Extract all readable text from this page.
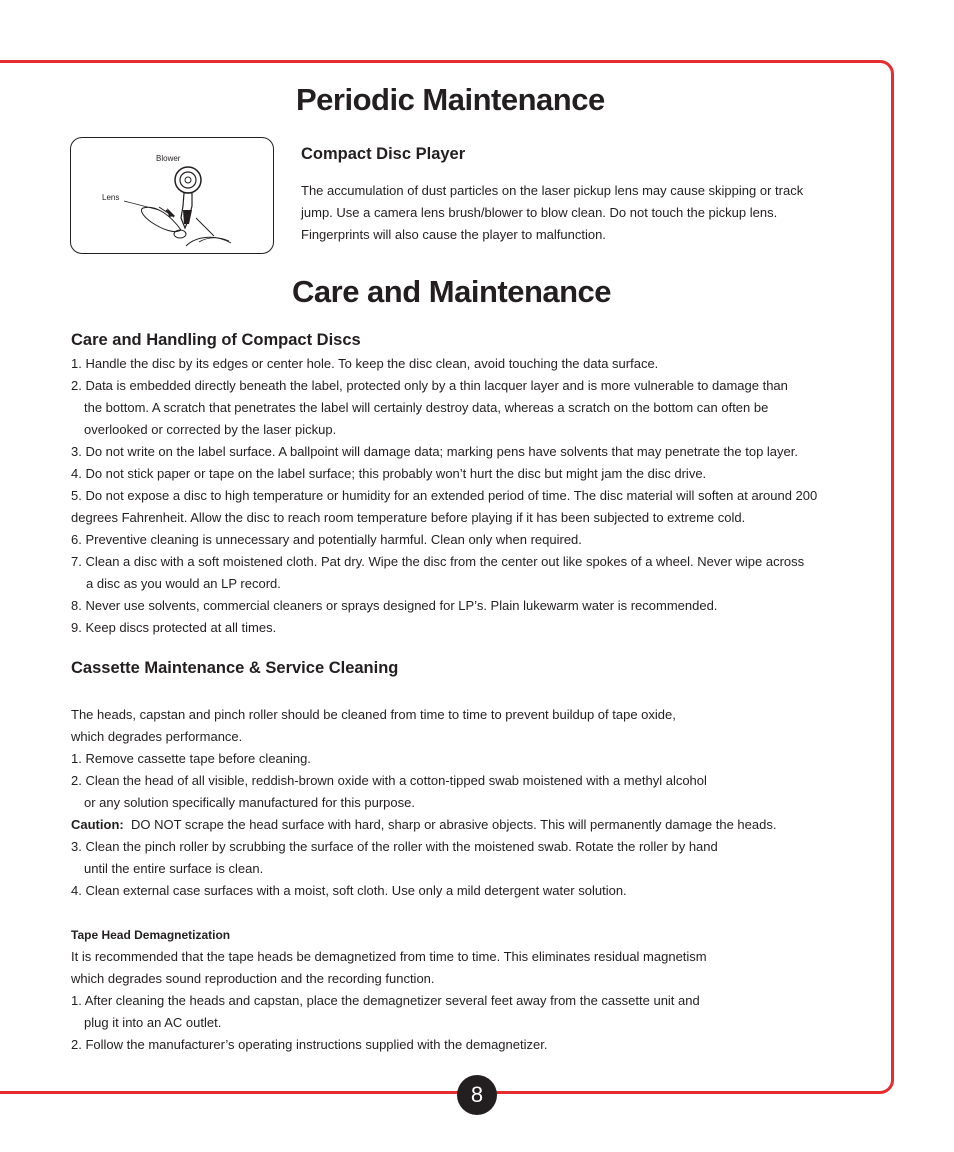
Periodic Maintenance
Blower
Lens
Compact Disc Player
The accumulation of dust particles on the laser pickup lens may cause skipping or track
jump. Use a camera lens brush/blower to blow clean. Do not touch the pickup lens.
Fingerprints will also cause the player to malfunction.
Care and Maintenance
Care and Handling of Compact Discs
1. Handle the disc by its edges or center hole. To keep the disc clean, avoid touching the data surface.
2. Data is embedded directly beneath the label, protected only by a thin lacquer layer and is more vulnerable to damage than
the bottom. A scratch that penetrates the label will certainly destroy data, whereas a scratch on the bottom can often be
overlooked or corrected by the laser pickup.
3. Do not write on the label surface. A ballpoint will damage data; marking pens have solvents that may penetrate the top layer.
4. Do not stick paper or tape on the label surface; this probably won’t hurt the disc but might jam the disc drive.
5. Do not expose a disc to high temperature or humidity for an extended period of time. The disc material will soften at around 200
degrees Fahrenheit. Allow the disc to reach room temperature before playing if it has been subjected to extreme cold.
6. Preventive cleaning is unnecessary and potentially harmful. Clean only when required.
7. Clean a disc with a soft moistened cloth. Pat dry. Wipe the disc from the center out like spokes of a wheel. Never wipe across
a disc as you would an LP record.
8. Never use solvents, commercial cleaners or sprays designed for LP’s. Plain lukewarm water is recommended.
9. Keep discs protected at all times.
Cassette Maintenance & Service Cleaning
The heads, capstan and pinch roller should be cleaned from time to time to prevent buildup of tape oxide,
which degrades performance.
1. Remove cassette tape before cleaning.
2. Clean the head of all visible, reddish-brown oxide with a cotton-tipped swab moistened with a methyl alcohol
or any solution specifically manufactured for this purpose.
Caution: DO NOT scrape the head surface with hard, sharp or abrasive objects. This will permanently damage the heads.
3. Clean the pinch roller by scrubbing the surface of the roller with the moistened swab. Rotate the roller by hand
until the entire surface is clean.
4. Clean external case surfaces with a moist, soft cloth. Use only a mild detergent water solution.
Tape Head Demagnetization
It is recommended that the tape heads be demagnetized from time to time. This eliminates residual magnetism
which degrades sound reproduction and the recording function.
1. After cleaning the heads and capstan, place the demagnetizer several feet away from the cassette unit and
plug it into an AC outlet.
2. Follow the manufacturer’s operating instructions supplied with the demagnetizer.
8
